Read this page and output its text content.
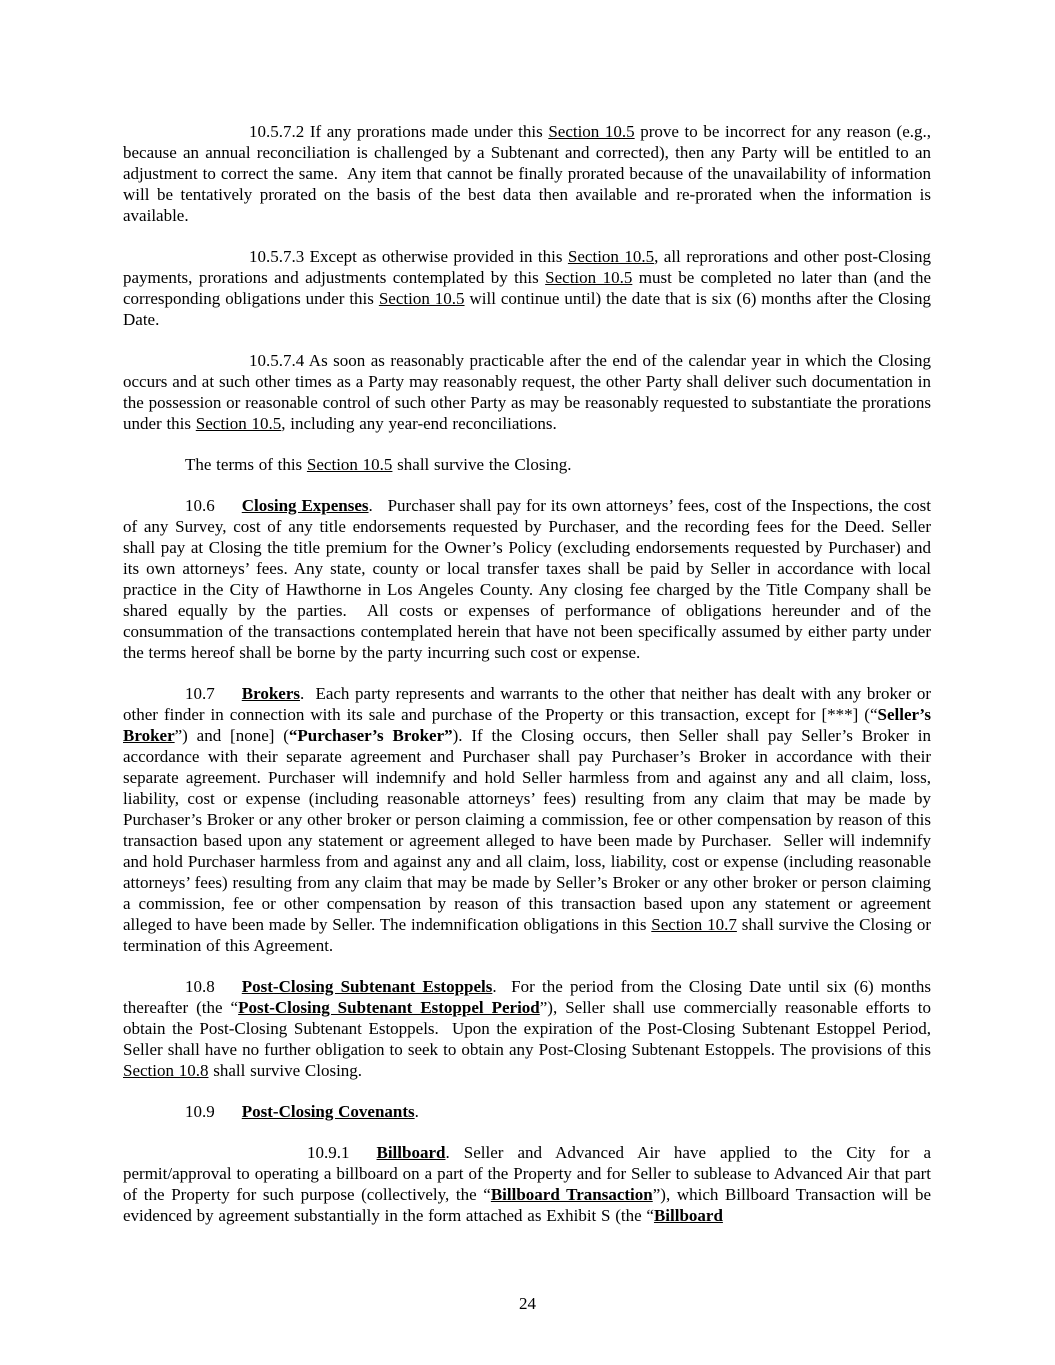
10.5.7.2 If any prorations made under this Section 10.5 prove to be incorrect for any reason (e.g., because an annual reconciliation is challenged by a Subtenant and corrected), then any Party will be entitled to an adjustment to correct the same.  Any item that cannot be finally prorated because of the unavailability of information will be tentatively prorated on the basis of the best data then available and re-prorated when the information is available.

10.5.7.3 Except as otherwise provided in this Section 10.5, all reprorations and other post-Closing payments, prorations and adjustments contemplated by this Section 10.5 must be completed no later than (and the corresponding obligations under this Section 10.5 will continue until) the date that is six (6) months after the Closing Date.

10.5.7.4 As soon as reasonably practicable after the end of the calendar year in which the Closing occurs and at such other times as a Party may reasonably request, the other Party shall deliver such documentation in the possession or reasonable control of such other Party as may be reasonably requested to substantiate the prorations under this Section 10.5, including any year-end reconciliations.

The terms of this Section 10.5 shall survive the Closing.

10.6 Closing Expenses.   Purchaser shall pay for its own attorneys’ fees, cost of the Inspections, the cost of any Survey, cost of any title endorsements requested by Purchaser, and the recording fees for the Deed. Seller shall pay at Closing the title premium for the Owner’s Policy (excluding endorsements requested by Purchaser) and its own attorneys’ fees. Any state, county or local transfer taxes shall be paid by Seller in accordance with local practice in the City of Hawthorne in Los Angeles County. Any closing fee charged by the Title Company shall be shared equally by the parties.  All costs or expenses of performance of obligations hereunder and of the consummation of the transactions contemplated herein that have not been specifically assumed by either party under the terms hereof shall be borne by the party incurring such cost or expense.

10.7 Brokers.  Each party represents and warrants to the other that neither has dealt with any broker or other finder in connection with its sale and purchase of the Property or this transaction, except for [***] (“Seller’s Broker”) and [none] (“Purchaser’s Broker”). If the Closing occurs, then Seller shall pay Seller’s Broker in accordance with their separate agreement and Purchaser shall pay Purchaser’s Broker in accordance with their separate agreement. Purchaser will indemnify and hold Seller harmless from and against any and all claim, loss, liability, cost or expense (including reasonable attorneys’ fees) resulting from any claim that may be made by Purchaser’s Broker or any other broker or person claiming a commission, fee or other compensation by reason of this transaction based upon any statement or agreement alleged to have been made by Purchaser.  Seller will indemnify and hold Purchaser harmless from and against any and all claim, loss, liability, cost or expense (including reasonable attorneys’ fees) resulting from any claim that may be made by Seller’s Broker or any other broker or person claiming a commission, fee or other compensation by reason of this transaction based upon any statement or agreement alleged to have been made by Seller. The indemnification obligations in this Section 10.7 shall survive the Closing or termination of this Agreement.

10.8 Post-Closing Subtenant Estoppels.  For the period from the Closing Date until six (6) months thereafter (the “Post-Closing Subtenant Estoppel Period”), Seller shall use commercially reasonable efforts to obtain the Post-Closing Subtenant Estoppels.  Upon the expiration of the Post-Closing Subtenant Estoppel Period, Seller shall have no further obligation to seek to obtain any Post-Closing Subtenant Estoppels. The provisions of this Section 10.8 shall survive Closing.

10.9 Post-Closing Covenants.

10.9.1 Billboard. Seller and Advanced Air have applied to the City for a permit/approval to operating a billboard on a part of the Property and for Seller to sublease to Advanced Air that part of the Property for such purpose (collectively, the “Billboard Transaction”), which Billboard Transaction will be evidenced by agreement substantially in the form attached as Exhibit S (the “Billboard

24
